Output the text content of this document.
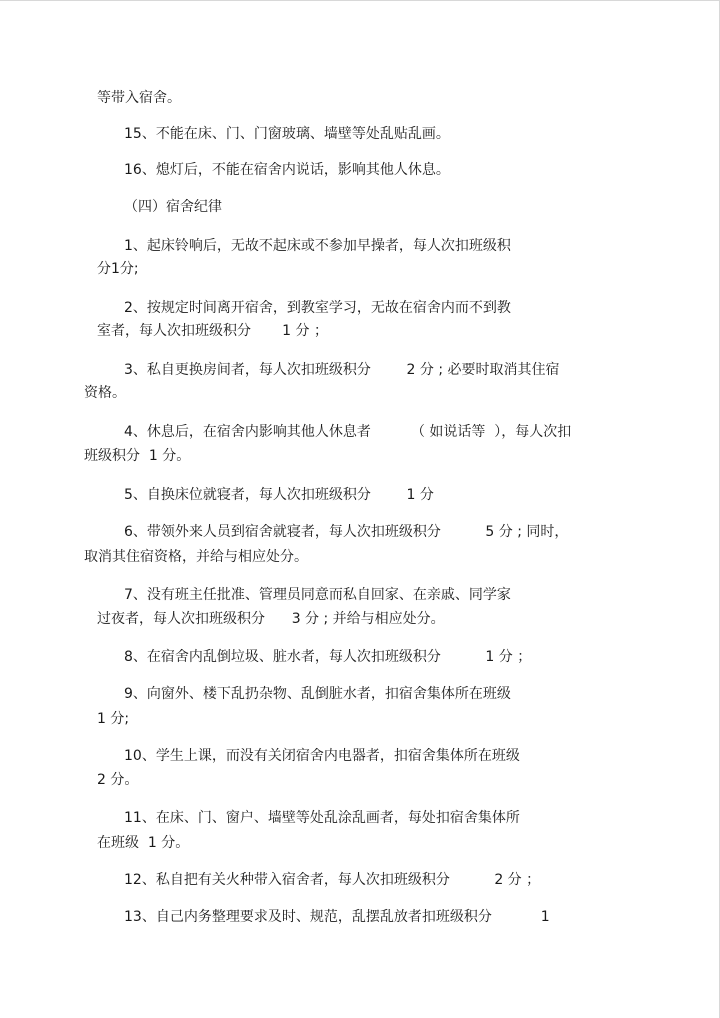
等带入宿舍。

15、不能在床、门、门窗玻璃、墙壁等处乱贴乱画。

16、熄灯后，不能在宿舍内说话，影响其他人休息。

（四）宿舍纪律

1、起床铃响后，无故不起床或不参加早操者，每人次扣班级积

分1分;

2、按规定时间离开宿舍，到教室学习，无故在宿舍内而不到教

室者，每人次扣班级积分       1 分 ；

3、私自更换房间者，每人次扣班级积分        2 分 ; 必要时取消其住宿

资格。

4、休息后，在宿舍内影响其他人休息者         （ 如说话等  ），每人次扣

班级积分  1 分。

5、自换床位就寝者，每人次扣班级积分        1 分

6、带领外来人员到宿舍就寝者，每人次扣班级积分          5 分 ; 同时，

取消其住宿资格，并给与相应处分。

7、没有班主任批准、管理员同意而私自回家、在亲戚、同学家

过夜者，每人次扣班级积分      3 分 ; 并给与相应处分。

8、在宿舍内乱倒垃圾、脏水者，每人次扣班级积分          1 分 ；

9、向窗外、楼下乱扔杂物、乱倒脏水者，扣宿舍集体所在班级

1 分;

10、学生上课，而没有关闭宿舍内电器者，扣宿舍集体所在班级

2 分。

11、在床、门、窗户、墙壁等处乱涂乱画者，每处扣宿舍集体所

在班级  1 分。

12、私自把有关火种带入宿舍者，每人次扣班级积分          2 分 ；

13、自己内务整理要求及时、规范，乱摆乱放者扣班级积分           1
